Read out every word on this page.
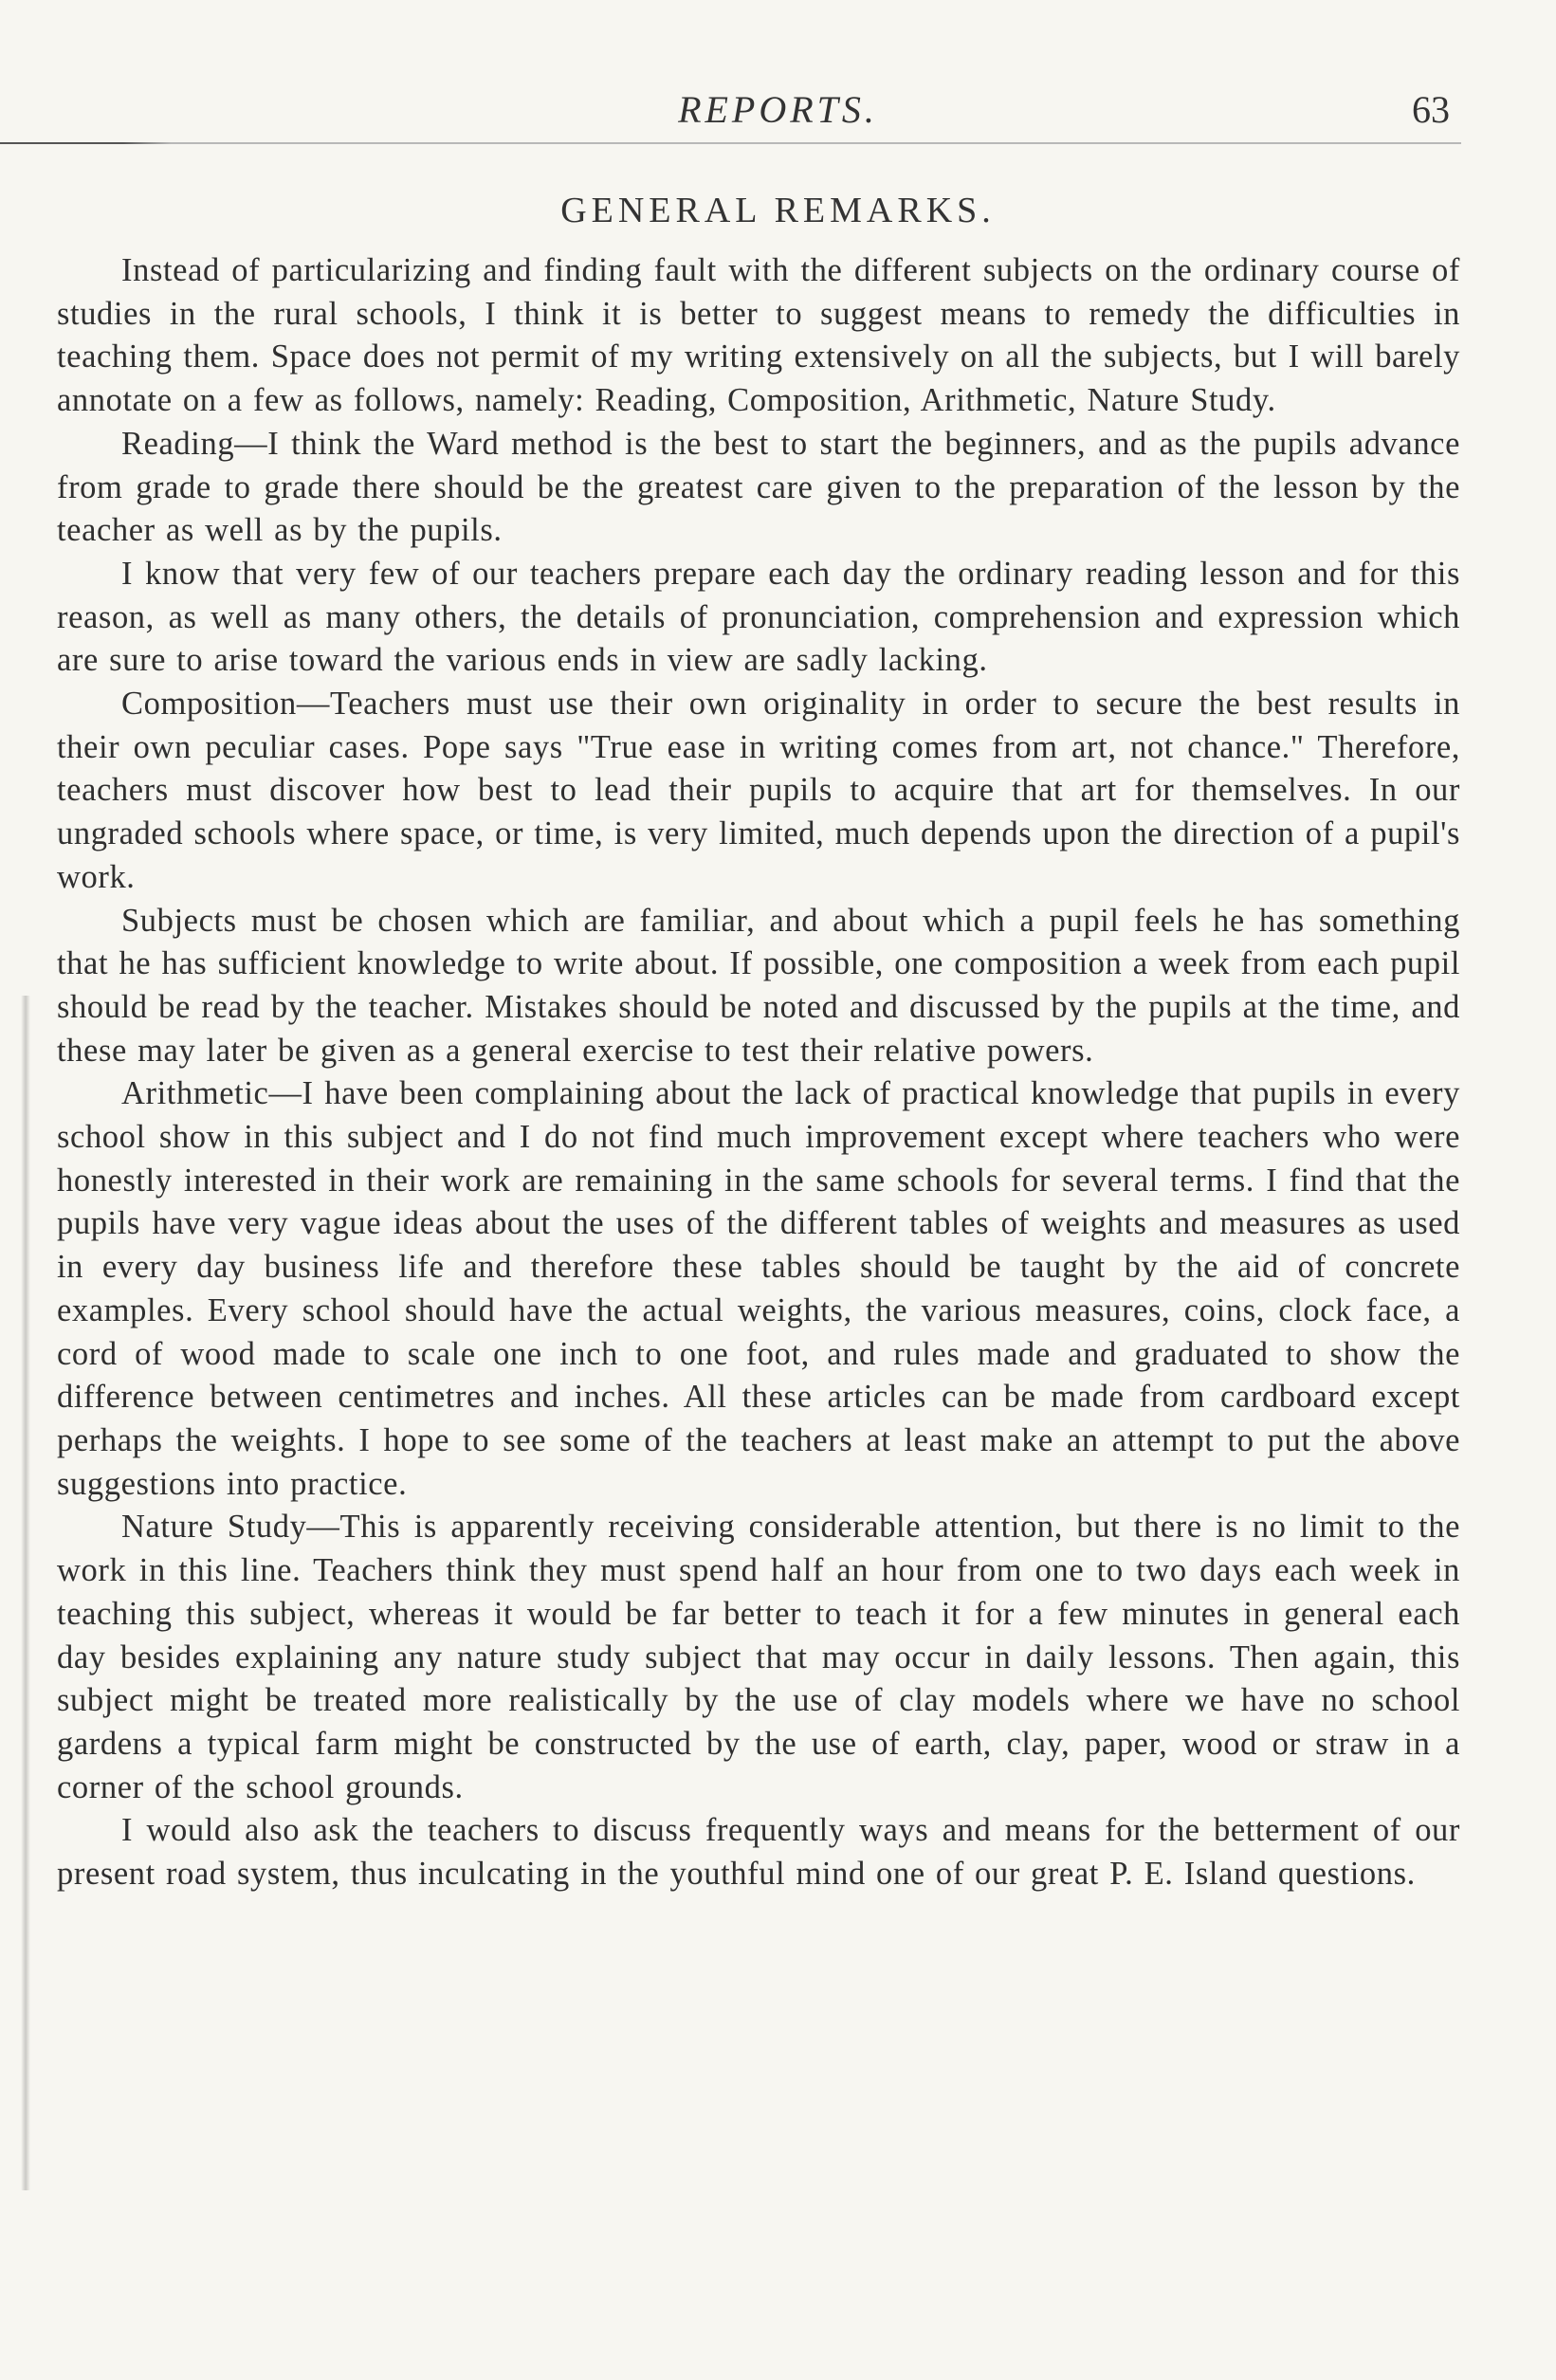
REPORTS.	63
GENERAL REMARKS.

Instead of particularizing and finding fault with the different subjects on the ordinary course of studies in the rural schools, I think it is better to suggest means to remedy the difficulties in teaching them. Space does not permit of my writing extensively on all the subjects, but I will barely annotate on a few as follows, namely: Reading, Composition, Arithmetic, Nature Study.

Reading—I think the Ward method is the best to start the beginners, and as the pupils advance from grade to grade there should be the greatest care given to the preparation of the lesson by the teacher as well as by the pupils.

I know that very few of our teachers prepare each day the ordinary reading lesson and for this reason, as well as many others, the details of pronunciation, comprehension and expression which are sure to arise toward the various ends in view are sadly lacking.

Composition—Teachers must use their own originality in order to secure the best results in their own peculiar cases. Pope says "True ease in writing comes from art, not chance." Therefore, teachers must discover how best to lead their pupils to acquire that art for themselves. In our ungraded schools where space, or time, is very limited, much depends upon the direction of a pupil's work.

Subjects must be chosen which are familiar, and about which a pupil feels he has something that he has sufficient knowledge to write about. If possible, one composition a week from each pupil should be read by the teacher. Mistakes should be noted and discussed by the pupils at the time, and these may later be given as a general exercise to test their relative powers.

Arithmetic—I have been complaining about the lack of practical knowledge that pupils in every school show in this subject and I do not find much improvement except where teachers who were honestly interested in their work are remaining in the same schools for several terms. I find that the pupils have very vague ideas about the uses of the different tables of weights and measures as used in every day business life and therefore these tables should be taught by the aid of concrete examples. Every school should have the actual weights, the various measures, coins, clock face, a cord of wood made to scale one inch to one foot, and rules made and graduated to show the difference between centimetres and inches. All these articles can be made from cardboard except perhaps the weights. I hope to see some of the teachers at least make an attempt to put the above suggestions into practice.

Nature Study—This is apparently receiving considerable attention, but there is no limit to the work in this line. Teachers think they must spend half an hour from one to two days each week in teaching this subject, whereas it would be far better to teach it for a few minutes in general each day besides explaining any nature study subject that may occur in daily lessons. Then again, this subject might be treated more realistically by the use of clay models where we have no school gardens a typical farm might be constructed by the use of earth, clay, paper, wood or straw in a corner of the school grounds.

I would also ask the teachers to discuss frequently ways and means for the betterment of our present road system, thus inculcating in the youthful mind one of our great P. E. Island questions.
